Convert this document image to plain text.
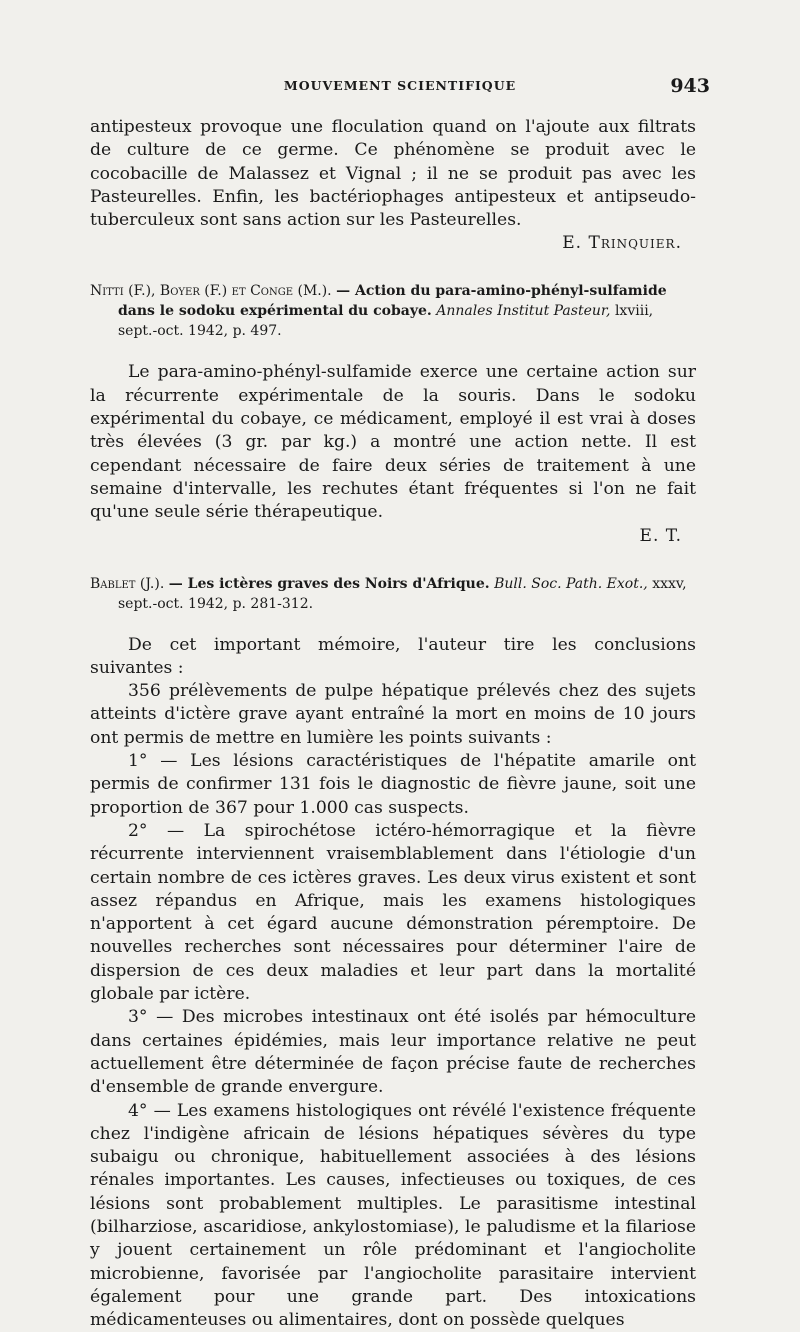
MOUVEMENT SCIENTIFIQUE	943

antipesteux provoque une floculation quand on l'ajoute aux filtrats de culture de ce germe. Ce phénomène se produit avec le cocobacille de Malassez et Vignal ; il ne se produit pas avec les Pasteurelles. Enfin, les bactériophages antipesteux et antipseudo-tuberculeux sont sans action sur les Pasteurelles.

E. Trinquier.

Nitti (F.), Boyer (F.) et Conge (M.). — Action du para-amino-phényl-sulfamide dans le sodoku expérimental du cobaye. Annales Institut Pasteur, lxviii, sept.-oct. 1942, p. 497.

Le para-amino-phényl-sulfamide exerce une certaine action sur la récurrente expérimentale de la souris. Dans le sodoku expérimental du cobaye, ce médicament, employé il est vrai à doses très élevées (3 gr. par kg.) a montré une action nette. Il est cependant nécessaire de faire deux séries de traitement à une semaine d'intervalle, les rechutes étant fréquentes si l'on ne fait qu'une seule série thérapeutique.

E. T.

Bablet (J.). — Les ictères graves des Noirs d'Afrique. Bull. Soc. Path. Exot., xxxv, sept.-oct. 1942, p. 281-312.

De cet important mémoire, l'auteur tire les conclusions suivantes :

356 prélèvements de pulpe hépatique prélevés chez des sujets atteints d'ictère grave ayant entraîné la mort en moins de 10 jours ont permis de mettre en lumière les points suivants :

1° — Les lésions caractéristiques de l'hépatite amarile ont permis de confirmer 131 fois le diagnostic de fièvre jaune, soit une proportion de 367 pour 1.000 cas suspects.

2° — La spirochétose ictéro-hémorragique et la fièvre récurrente interviennent vraisemblablement dans l'étiologie d'un certain nombre de ces ictères graves. Les deux virus existent et sont assez répandus en Afrique, mais les examens histologiques n'apportent à cet égard aucune démonstration péremptoire. De nouvelles recherches sont nécessaires pour déterminer l'aire de dispersion de ces deux maladies et leur part dans la mortalité globale par ictère.

3° — Des microbes intestinaux ont été isolés par hémoculture dans certaines épidémies, mais leur importance relative ne peut actuellement être déterminée de façon précise faute de recherches d'ensemble de grande envergure.

4° — Les examens histologiques ont révélé l'existence fréquente chez l'indigène africain de lésions hépatiques sévères du type subaigu ou chronique, habituellement associées à des lésions rénales importantes. Les causes, infectieuses ou toxiques, de ces lésions sont probablement multiples. Le parasitisme intestinal (bilharziose, ascaridiose, ankylostomiase), le paludisme et la filariose y jouent certainement un rôle prédominant et l'angiocholite microbienne, favorisée par l'angiocholite parasitaire intervient également pour une grande part. Des intoxications médicamenteuses ou alimentaires, dont on possède quelques
